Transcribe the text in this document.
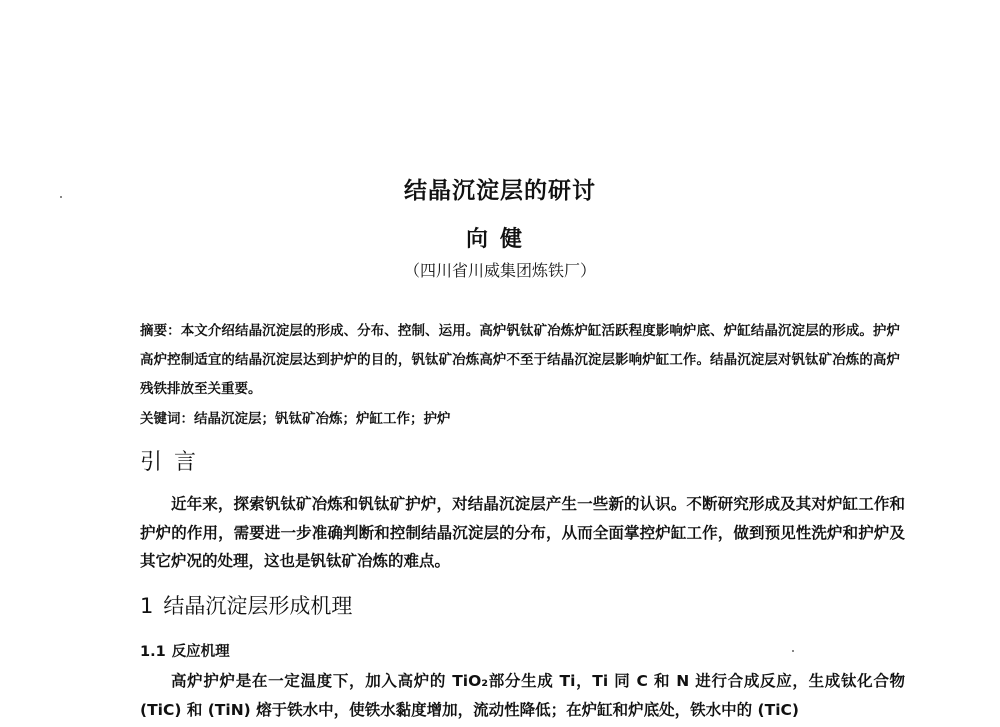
结晶沉淀层的研讨
向健
（四川省川威集团炼铁厂）
摘要：本文介绍结晶沉淀层的形成、分布、控制、运用。高炉钒钛矿冶炼炉缸活跃程度影响炉底、炉缸结晶沉淀层的形成。护炉高炉控制适宜的结晶沉淀层达到护炉的目的，钒钛矿冶炼高炉不至于结晶沉淀层影响炉缸工作。结晶沉淀层对钒钛矿冶炼的高炉残铁排放至关重要。
关键词：结晶沉淀层；钒钛矿冶炼；炉缸工作；护炉
引言
近年来，探索钒钛矿冶炼和钒钛矿护炉，对结晶沉淀层产生一些新的认识。不断研究形成及其对炉缸工作和护炉的作用，需要进一步准确判断和控制结晶沉淀层的分布，从而全面掌控炉缸工作，做到预见性洗炉和护炉及其它炉况的处理，这也是钒钛矿冶炼的难点。
1 结晶沉淀层形成机理
1.1 反应机理
高炉护炉是在一定温度下，加入高炉的 TiO₂部分生成 Ti，Ti 同 C 和 N 进行合成反应，生成钛化合物 (TiC) 和 (TiN) 熔于铁水中，使铁水黏度增加，流动性降低；在炉缸和炉底处，铁水中的 (TiC)
